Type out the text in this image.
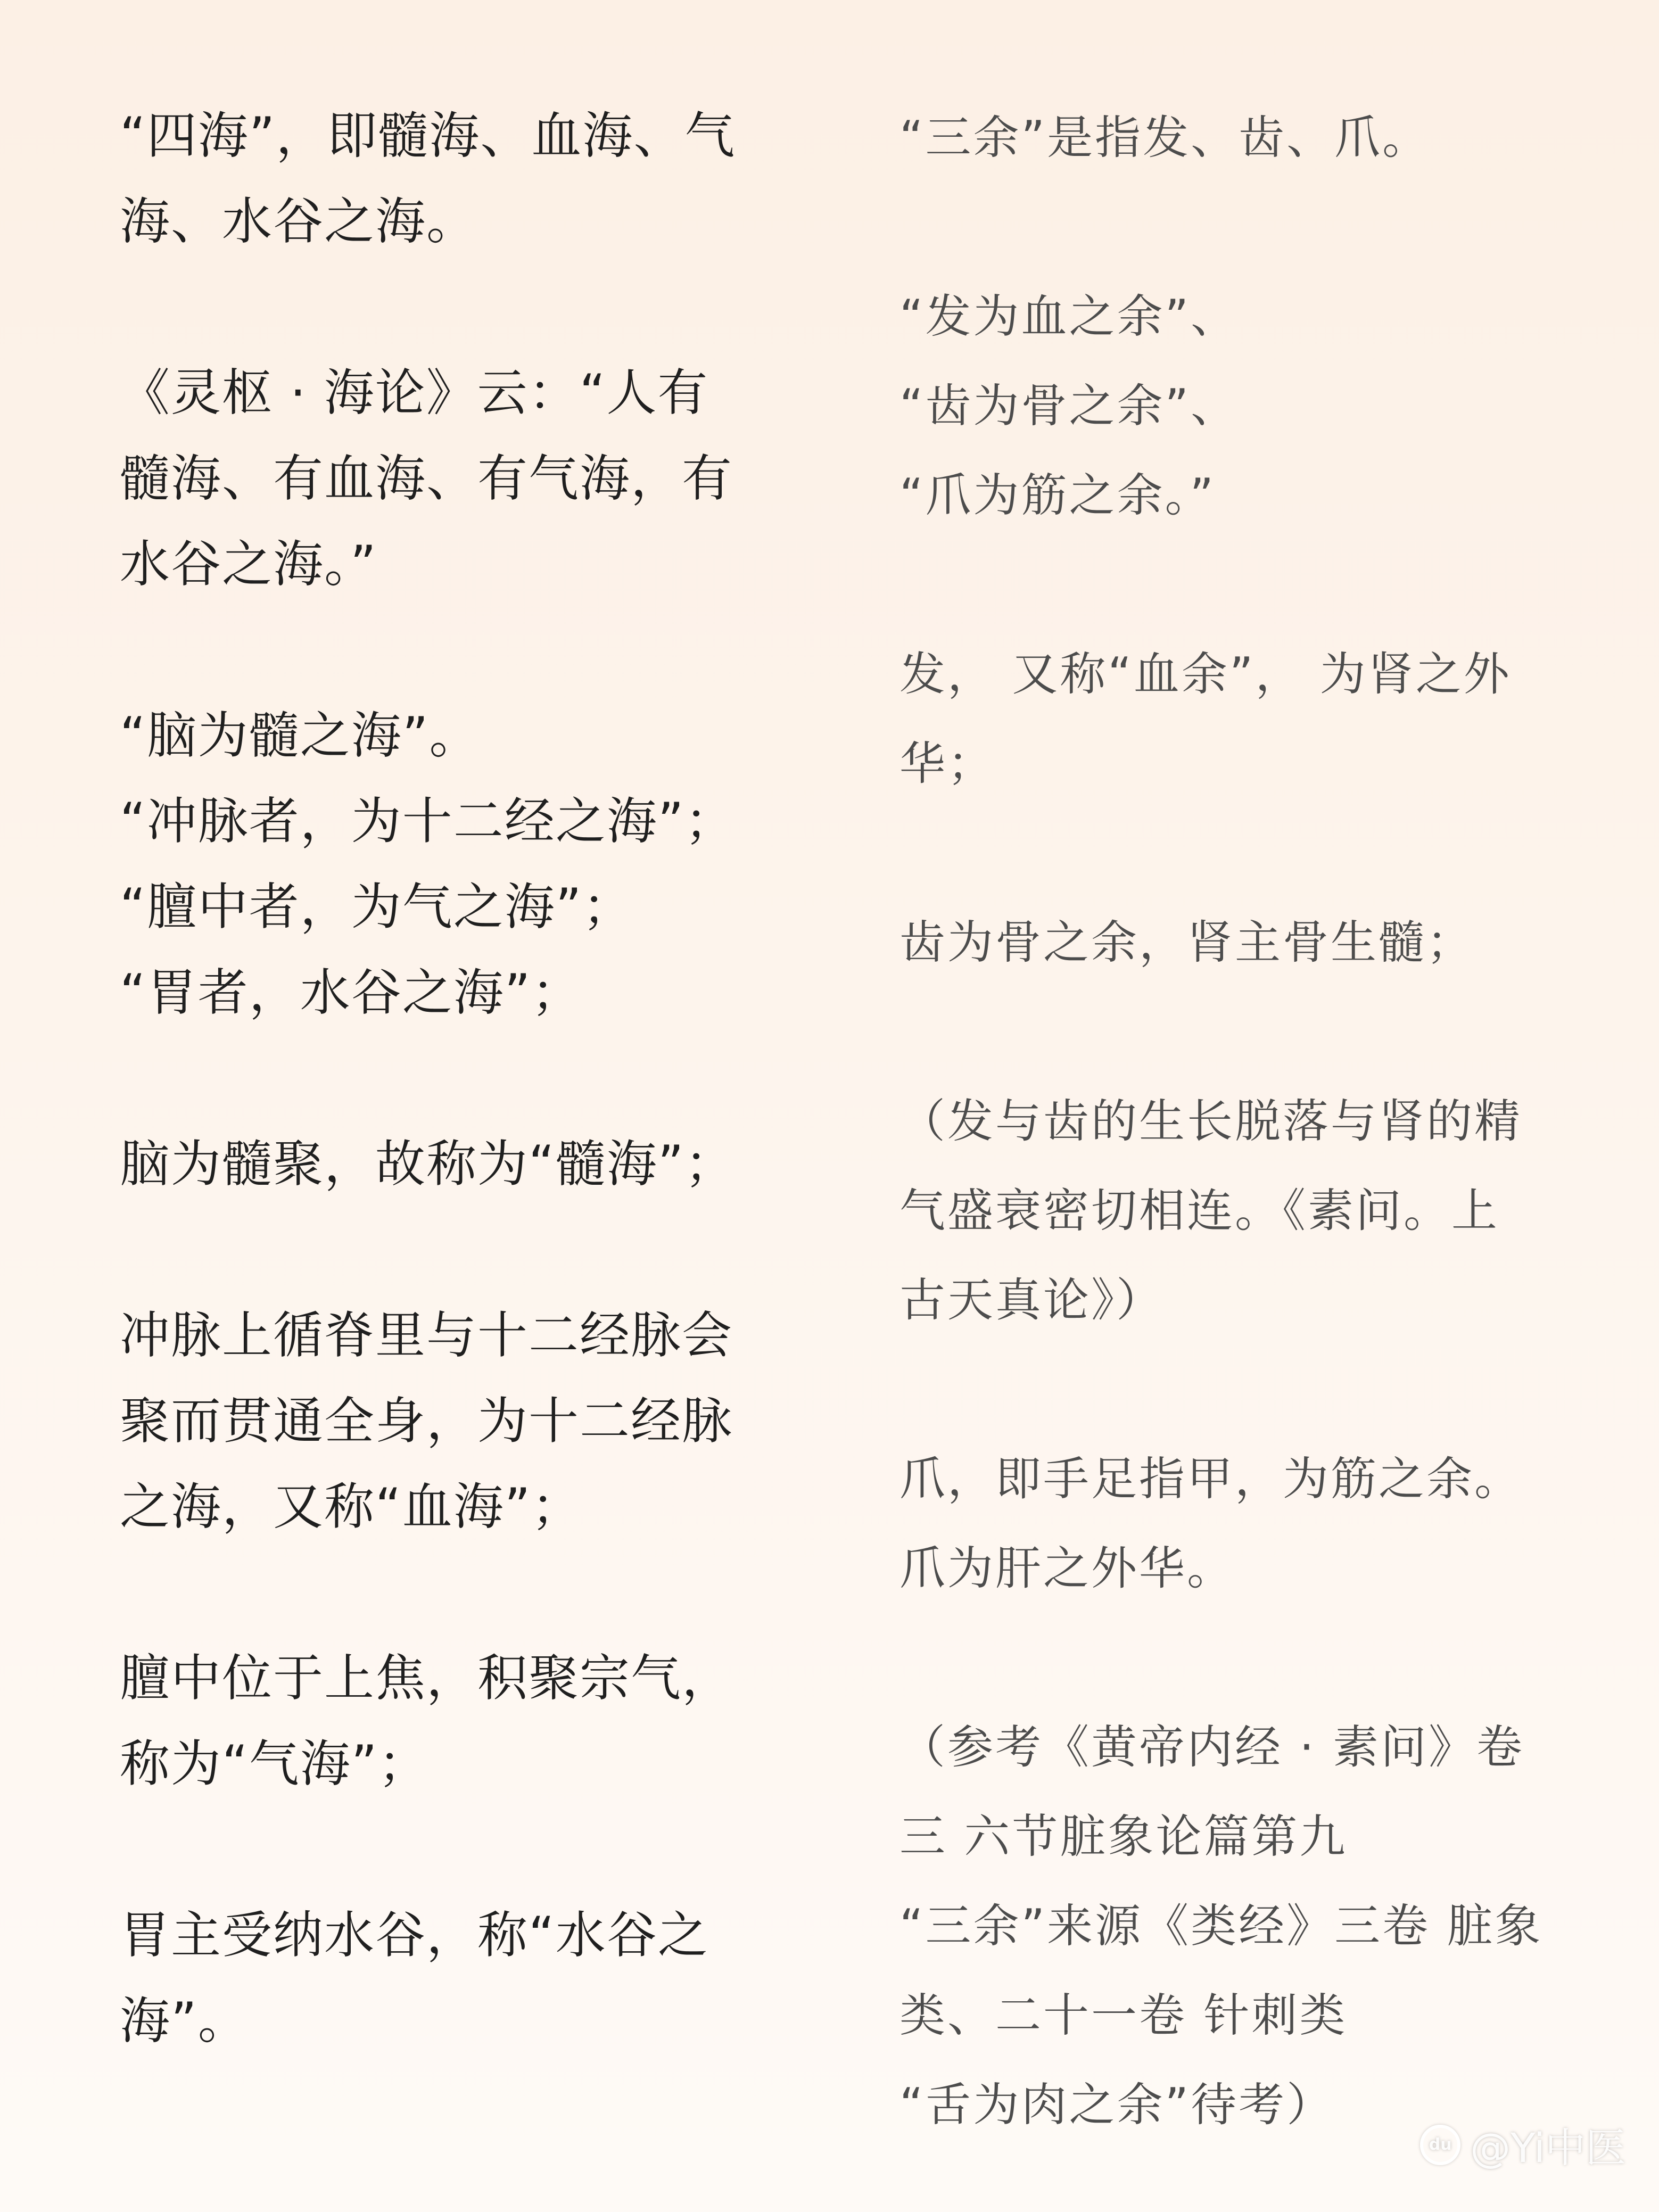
“四海”，即髓海、血海、气
海、水谷之海。

《灵枢 · 海论》云：“人有
髓海、有血海、有气海，有
水谷之海。”

“脑为髓之海”。
“冲脉者，为十二经之海”；
“膻中者，为气之海”；
“胃者，水谷之海”；

脑为髓聚，故称为“髓海”；

冲脉上循脊里与十二经脉会
聚而贯通全身，为十二经脉
之海，又称“血海”；

膻中位于上焦，积聚宗气，
称为“气海”；

胃主受纳水谷，称“水谷之
海”。

“三余”是指发、齿、爪。

“发为血之余”、
“齿为骨之余”、
“爪为筋之余。”

发， 又称“血余”， 为肾之外
华；

齿为骨之余，肾主骨生髓；

（发与齿的生长脱落与肾的精
气盛衰密切相连。《素问。上
古天真论》）

爪，即手足指甲，为筋之余。
爪为肝之外华。

（参考《黄帝内经 · 素问》卷
三 六节脏象论篇第九
“三余”来源《类经》三卷 脏象
类、二十一卷 针刺类
“舌为肉之余”待考）

du @Yi中医
